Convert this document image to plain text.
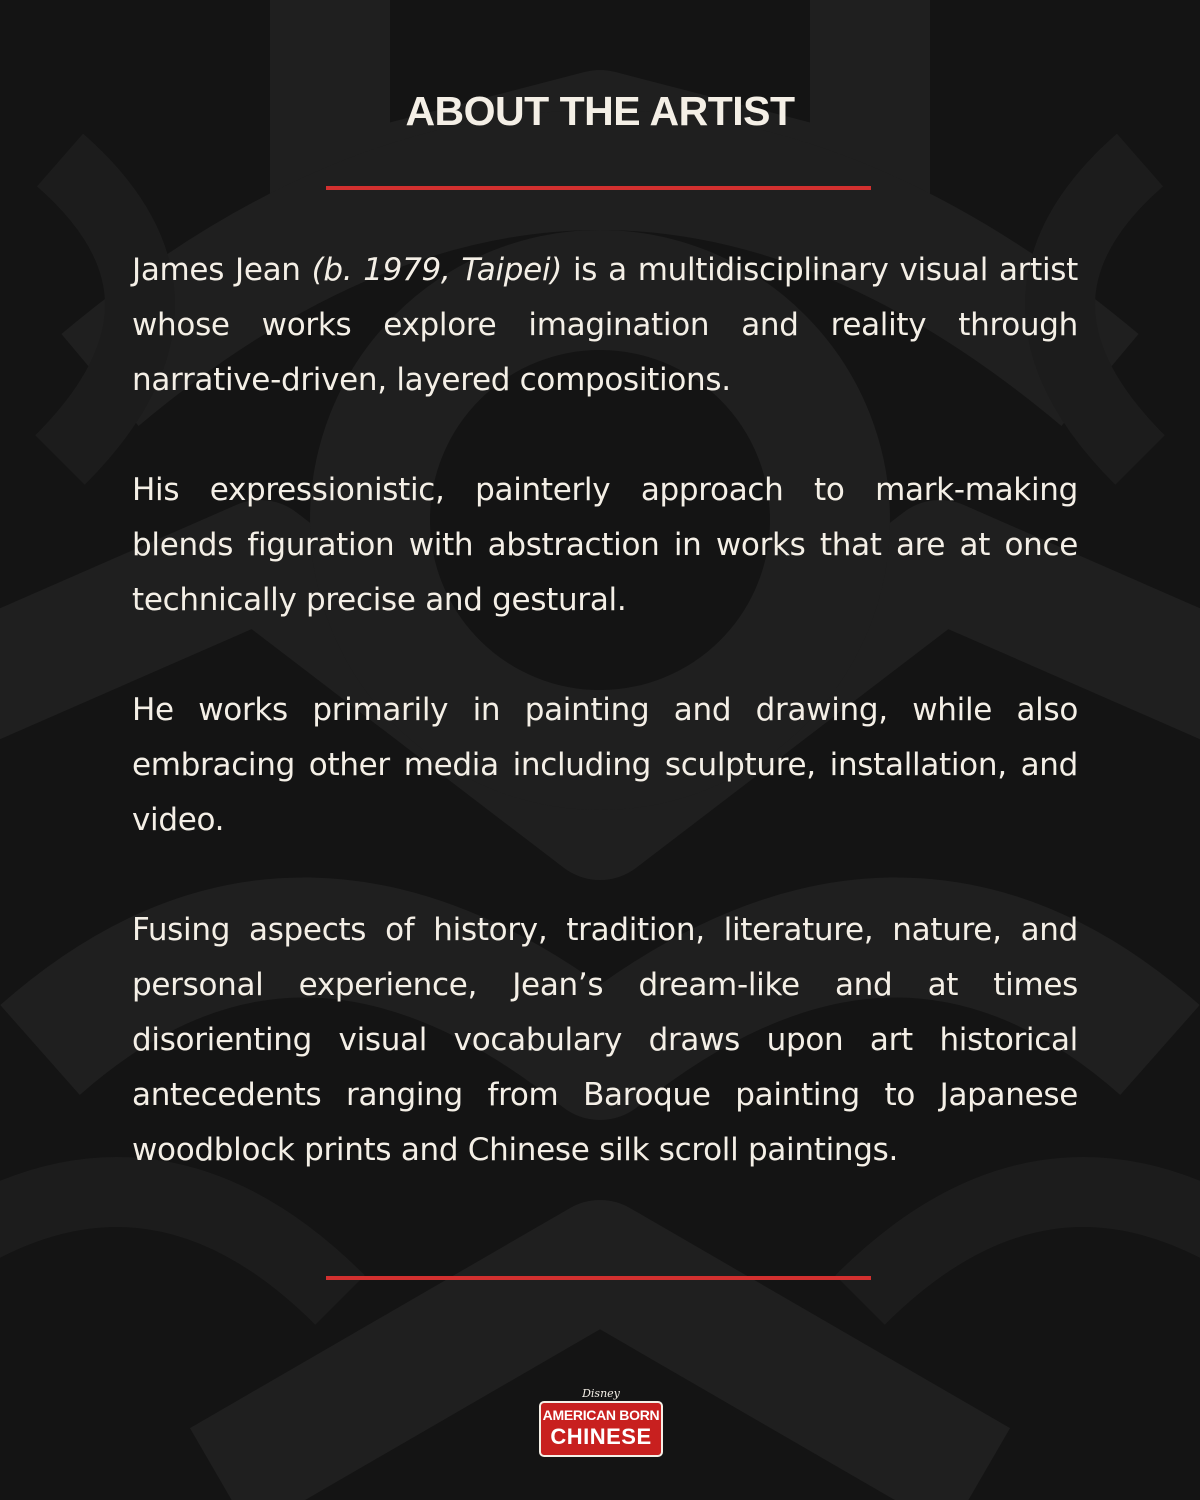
ABOUT THE ARTIST

James Jean (b. 1979, Taipei) is a multidisciplinary visual artist whose works explore imagination and reality through narrative-driven, layered compositions.

His expressionistic, painterly approach to mark-making blends figuration with abstraction in works that are at once technically precise and gestural.

He works primarily in painting and drawing, while also embracing other media including sculpture, installation, and video.

Fusing aspects of history, tradition, literature, nature, and personal experience, Jean’s dream-like and at times disorienting visual vocabulary draws upon art historical antecedents ranging from Baroque painting to Japanese woodblock prints and Chinese silk scroll paintings.

Disney
AMERICAN BORN
CHINESE
